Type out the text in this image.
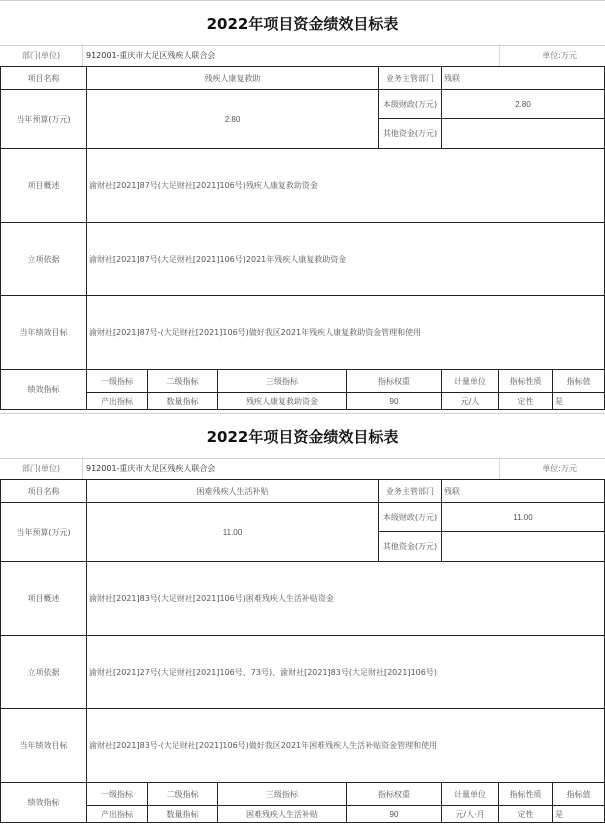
2022年项目资金绩效目标表
部门(单位)	912001-重庆市大足区残疾人联合会	单位:万元
项目名称	残疾人康复救助				业务主管部门	残联		
当年预算(万元)	2.80				本级财政(万元)	2.80		
					其他资金(万元)			
项目概述	渝财社[2021]87号(大足财社[2021]106号)残疾人康复救助资金							
立项依据	渝财社[2021]87号(大足财社[2021]106号)2021年残疾人康复救助资金							
当年绩效目标	渝财社[2021]87号-(大足财社[2021]106号)做好我区2021年残疾人康复救助资金管理和使用							
绩效指标	一级指标	二级指标	三级指标	指标权重		计量单位	指标性质	指标值
	产出指标	数量指标	残疾人康复救助资金	90		元/人	定性	是
2022年项目资金绩效目标表
部门(单位)	912001-重庆市大足区残疾人联合会	单位:万元
项目名称	困难残疾人生活补贴				业务主管部门	残联		
当年预算(万元)	11.00				本级财政(万元)	11.00		
					其他资金(万元)			
项目概述	渝财社[2021]83号(大足财社[2021]106号)困难残疾人生活补贴资金							
立项依据	渝财社[2021]27号(大足财社[2021]106号、73号)、渝财社[2021]83号(大足财社[2021]106号)							
当年绩效目标	渝财社[2021]83号-(大足财社[2021]106号)做好我区2021年困难残疾人生活补贴资金管理和使用							
绩效指标	一级指标	二级指标	三级指标	指标权重		计量单位	指标性质	指标值
	产出指标	数量指标	困难残疾人生活补贴	90		元/人·月	定性	是
